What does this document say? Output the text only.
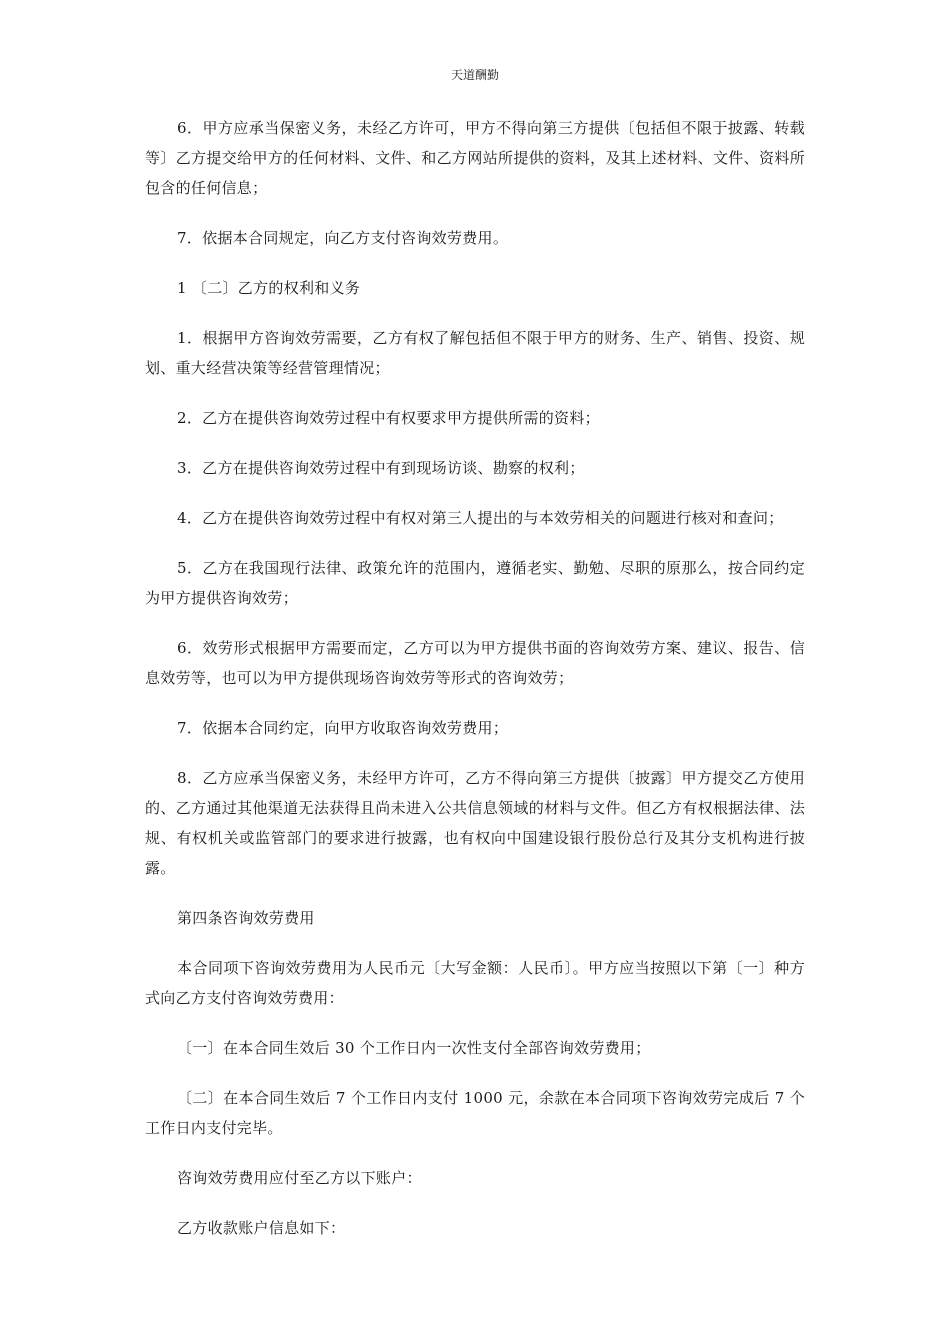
天道酬勤

6．甲方应承当保密义务，未经乙方许可，甲方不得向第三方提供〔包括但不限于披露、转载等〕乙方提交给甲方的任何材料、文件、和乙方网站所提供的资料，及其上述材料、文件、资料所包含的任何信息；

7．依据本合同规定，向乙方支付咨询效劳费用。

1 〔二〕乙方的权利和义务

1．根据甲方咨询效劳需要，乙方有权了解包括但不限于甲方的财务、生产、销售、投资、规划、重大经营决策等经营管理情况；

2．乙方在提供咨询效劳过程中有权要求甲方提供所需的资料；

3．乙方在提供咨询效劳过程中有到现场访谈、勘察的权利；

4．乙方在提供咨询效劳过程中有权对第三人提出的与本效劳相关的问题进行核对和查问；

5．乙方在我国现行法律、政策允许的范围内，遵循老实、勤勉、尽职的原那么，按合同约定为甲方提供咨询效劳；

6．效劳形式根据甲方需要而定，乙方可以为甲方提供书面的咨询效劳方案、建议、报告、信息效劳等，也可以为甲方提供现场咨询效劳等形式的咨询效劳；

7．依据本合同约定，向甲方收取咨询效劳费用；

8．乙方应承当保密义务，未经甲方许可，乙方不得向第三方提供〔披露〕甲方提交乙方使用的、乙方通过其他渠道无法获得且尚未进入公共信息领域的材料与文件。但乙方有权根据法律、法规、有权机关或监管部门的要求进行披露，也有权向中国建设银行股份总行及其分支机构进行披露。

第四条咨询效劳费用

本合同项下咨询效劳费用为人民币元〔大写金额：人民币〕。甲方应当按照以下第〔一〕种方式向乙方支付咨询效劳费用：

〔一〕在本合同生效后 30 个工作日内一次性支付全部咨询效劳费用；

〔二〕在本合同生效后 7 个工作日内支付 1000 元，余款在本合同项下咨询效劳完成后 7 个工作日内支付完毕。

咨询效劳费用应付至乙方以下账户：

乙方收款账户信息如下：
